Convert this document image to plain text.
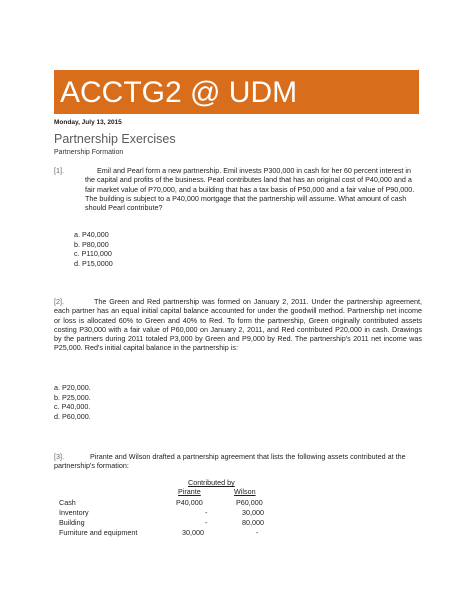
ACCTG2 @ UDM
Monday, July 13, 2015
Partnership Exercises
Partnership Formation
[1].	Emil and Pearl form a new partnership. Emil invests P300,000 in cash for her 60 percent interest in the capital and profits of the business. Pearl contributes land that has an original cost of P40,000 and a fair market value of P70,000, and a building that has a tax basis of P50,000 and a fair value of P90,000. The building is subject to a P40,000 mortgage that the partnership will assume. What amount of cash should Pearl contribute?
a. P40,000
b. P80,000
c. P110,000
d. P15,0000
[2].	The Green and Red partnership was formed on January 2, 2011. Under the partnership agreement, each partner has an equal initial capital balance accounted for under the goodwill method. Partnership net income or loss is allocated 60% to Green and 40% to Red. To form the partnership, Green originally contributed assets costing P30,000 with a fair value of P60,000 on January 2, 2011, and Red contributed P20,000 in cash. Drawings by the partners during 2011 totaled P3,000 by Green and P9,000 by Red. The partnership's 2011 net income was P25,000. Red's initial capital balance in the partnership is:
a. P20,000.
b. P25,000.
c. P40,000.
d. P60,000.
[3].	Pirante and Wilson drafted a partnership agreement that lists the following assets contributed at the partnership's formation:
Contributed by
Pirante	Wilson
Cash	P40,000	P60,000
Inventory	-	30,000
Building	-	80,000
Furniture and equipment	30,000	-
